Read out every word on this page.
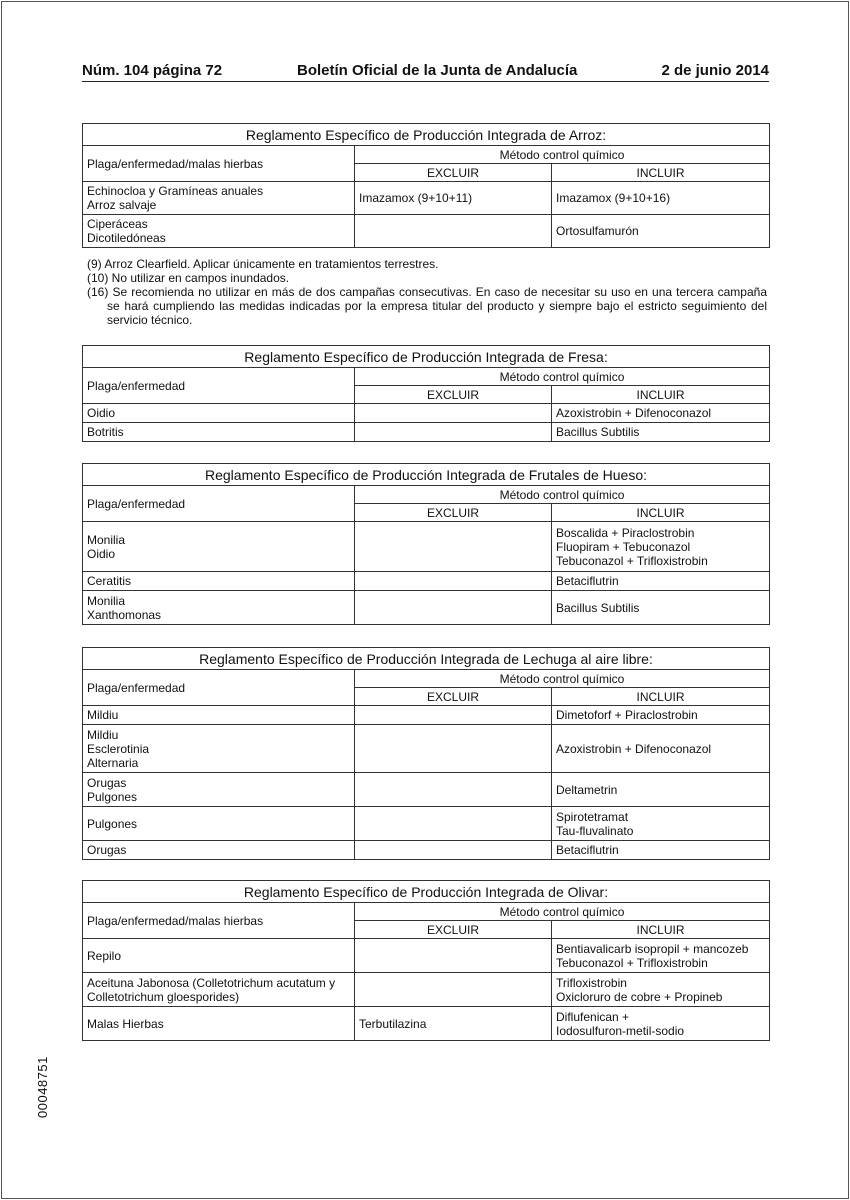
Núm. 104 página 72	Boletín Oficial de la Junta de Andalucía	2 de junio 2014
Reglamento Específico de Producción Integrada de Arroz:		
Plaga/enfermedad/malas hierbas	Método control químico	
	EXCLUIR	INCLUIR

Echinocloa y Gramíneas anuales
Arroz salvaje	Imazamox (9+10+11)	Imazamox (9+10+16)

Ciperáceas
Dicotiledóneas		Ortosulfamurón

(9) Arroz Clearfield. Aplicar únicamente en tratamientos terrestres.

(10) No utilizar en campos inundados.

(16) Se recomienda no utilizar en más de dos campañas consecutivas. En caso de necesitar su uso en una tercera campaña se hará cumpliendo las medidas indicadas por la empresa titular del producto y siempre bajo el estricto seguimiento del servicio técnico.

Reglamento Específico de Producción Integrada de Fresa:		
Plaga/enfermedad	Método control químico	
	EXCLUIR	INCLUIR

Oidio		Azoxistrobin + Difenoconazol

Botritis		Bacillus Subtilis
Reglamento Específico de Producción Integrada de Frutales de Hueso:		
Plaga/enfermedad	Método control químico	
	EXCLUIR	INCLUIR

Monilia
Oidio		Boscalida + Piraclostrobin
Fluopiram + Tebuconazol
Tebuconazol + Trifloxistrobin

Ceratitis		Betaciflutrin

Monilia
Xanthomonas		Bacillus Subtilis
Reglamento Específico de Producción Integrada de Lechuga al aire libre:		
Plaga/enfermedad	Método control químico	
	EXCLUIR	INCLUIR

Mildiu		Dimetoforf + Piraclostrobin

Mildiu
Esclerotinia
Alternaria		Azoxistrobin + Difenoconazol

Orugas
Pulgones		Deltametrin

Pulgones		Spirotetramat
Tau-fluvalinato

Orugas		Betaciflutrin
Reglamento Específico de Producción Integrada de Olivar:		
Plaga/enfermedad/malas hierbas	Método control químico	
	EXCLUIR	INCLUIR

Repilo		Bentiavalicarb isopropil + mancozeb
Tebuconazol + Trifloxistrobin

Aceituna Jabonosa (Colletotrichum acutatum y
Colletotrichum gloesporides)		Trifloxistrobin
Oxicloruro de cobre + Propineb

Malas Hierbas	Terbutilazina	Diflufenican +
Iodosulfuron-metil-sodio
00048751
